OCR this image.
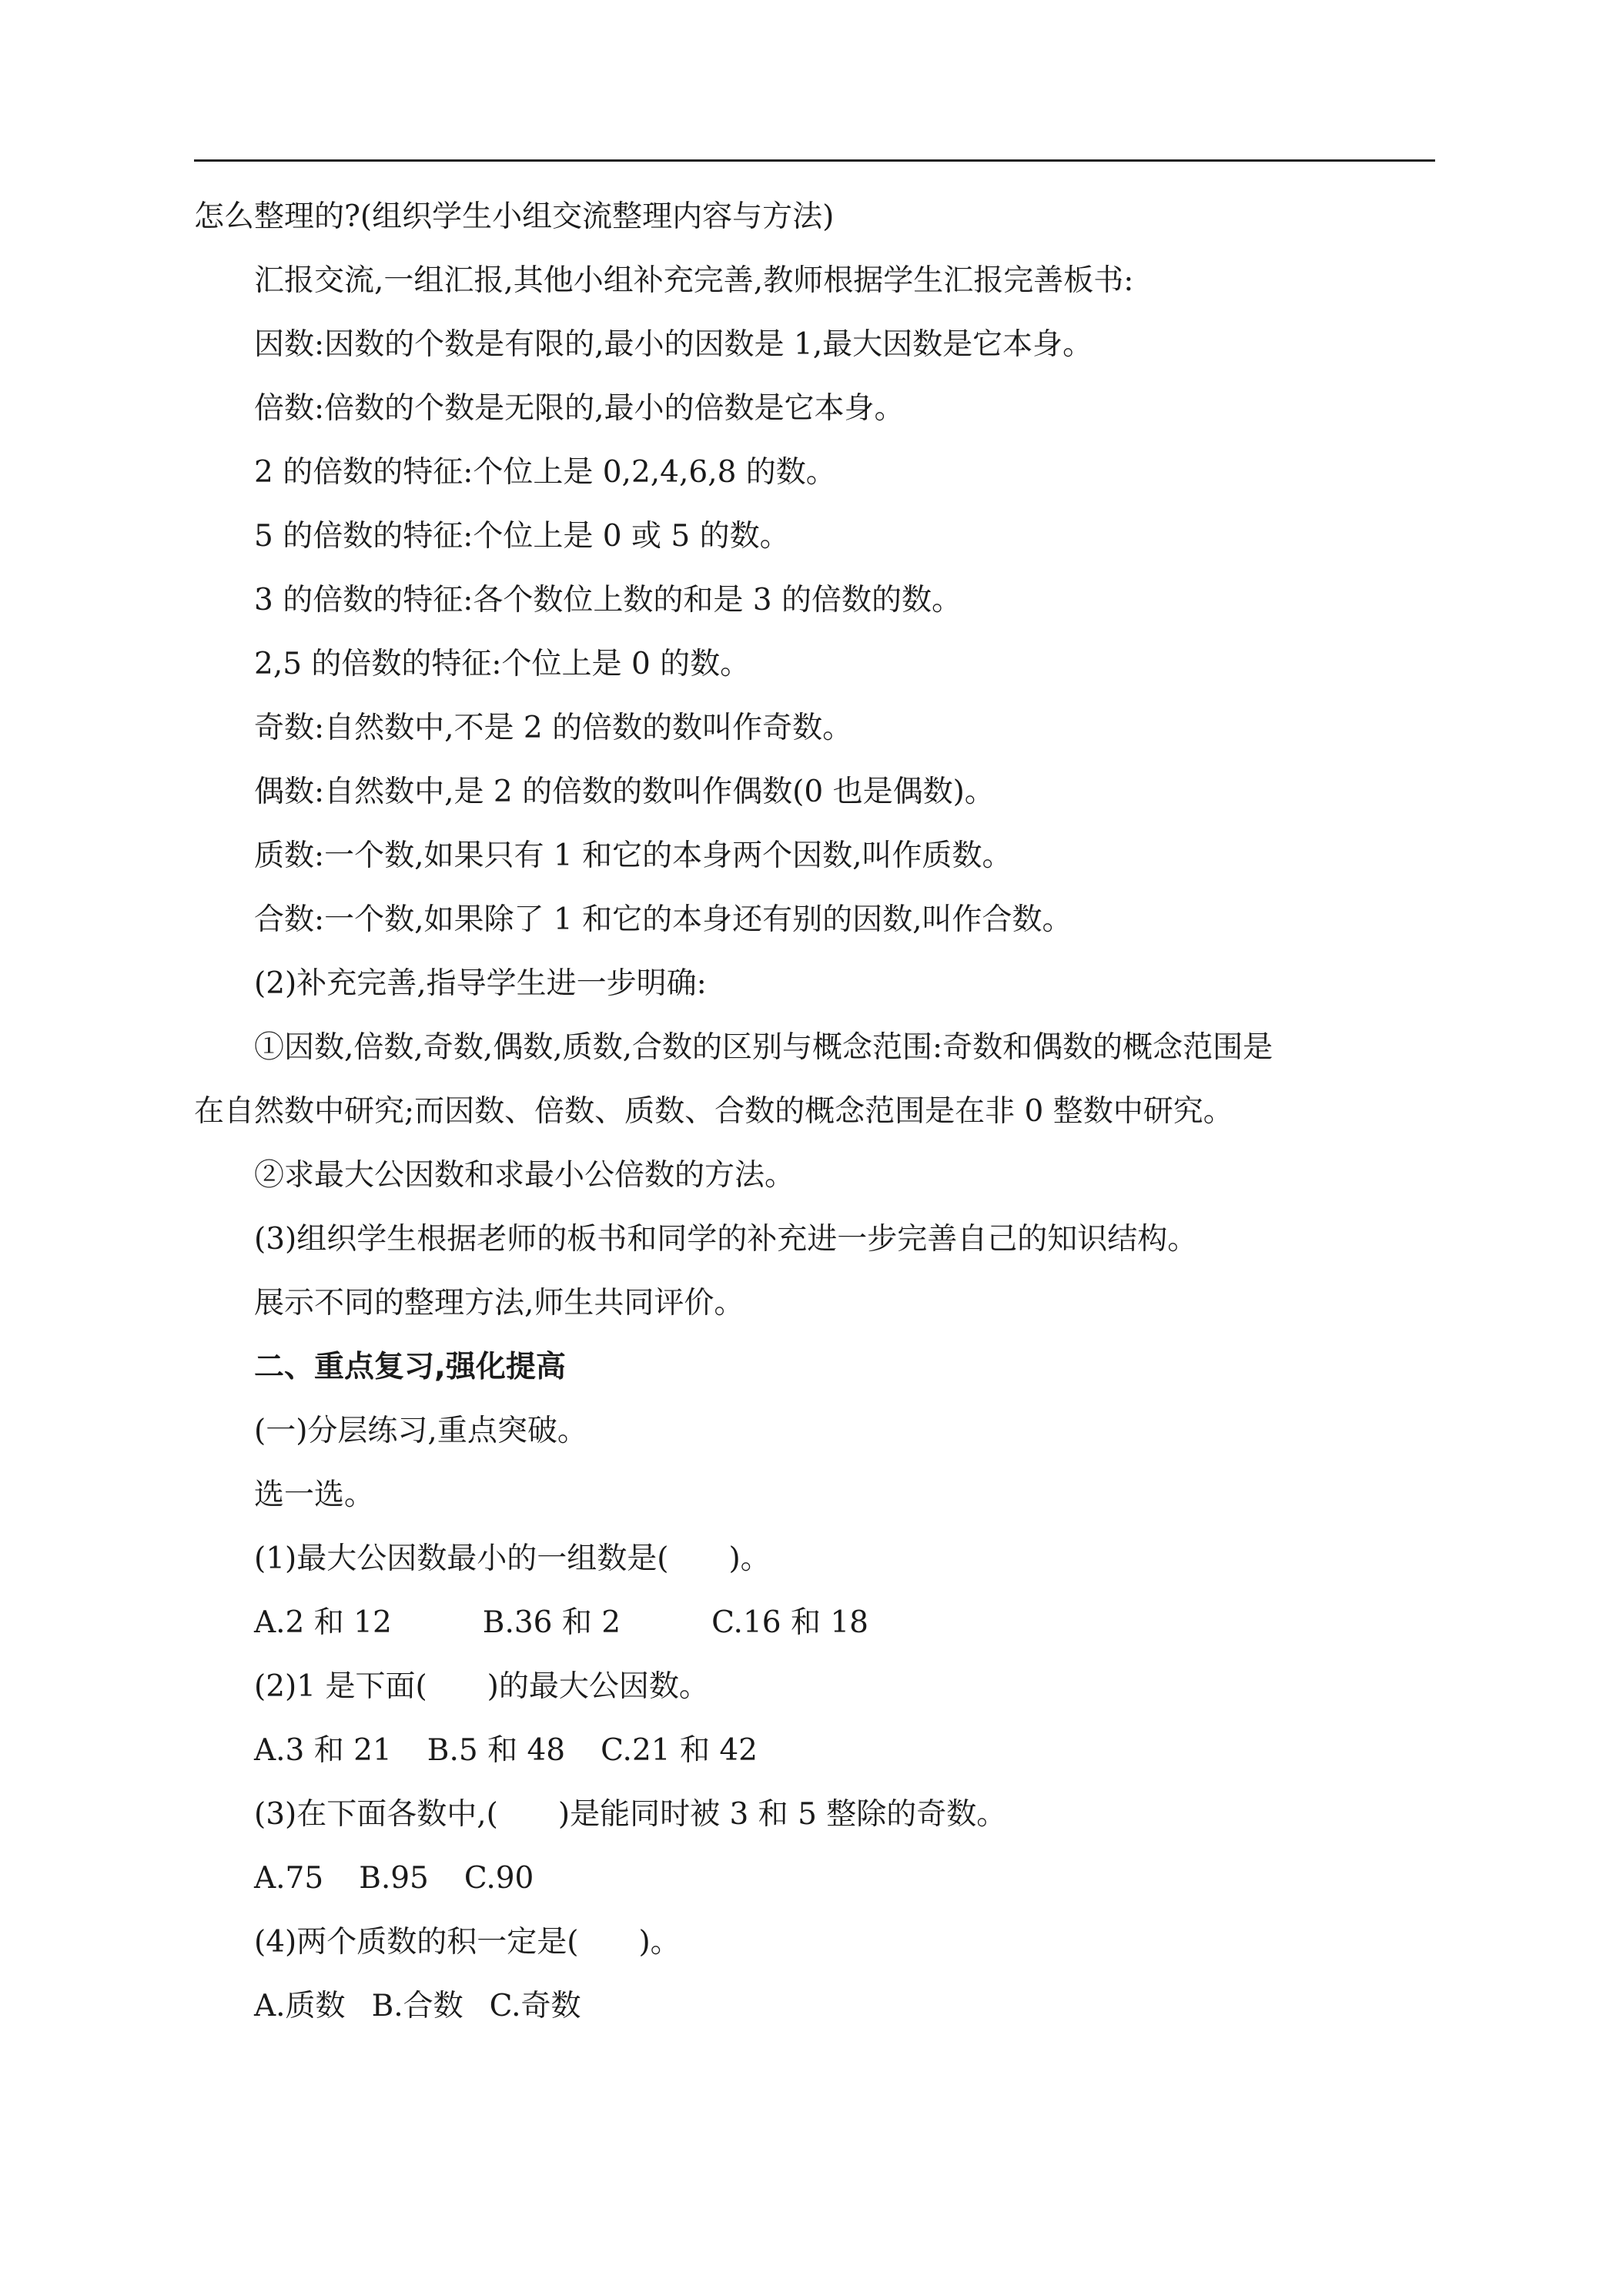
怎么整理的?(组织学生小组交流整理内容与方法)
汇报交流,一组汇报,其他小组补充完善,教师根据学生汇报完善板书:
因数:因数的个数是有限的,最小的因数是 1,最大因数是它本身。
倍数:倍数的个数是无限的,最小的倍数是它本身。
2 的倍数的特征:个位上是 0,2,4,6,8 的数。
5 的倍数的特征:个位上是 0 或 5 的数。
3 的倍数的特征:各个数位上数的和是 3 的倍数的数。
2,5 的倍数的特征:个位上是 0 的数。
奇数:自然数中,不是 2 的倍数的数叫作奇数。
偶数:自然数中,是 2 的倍数的数叫作偶数(0 也是偶数)。
质数:一个数,如果只有 1 和它的本身两个因数,叫作质数。
合数:一个数,如果除了 1 和它的本身还有别的因数,叫作合数。
(2)补充完善,指导学生进一步明确:
①因数,倍数,奇数,偶数,质数,合数的区别与概念范围:奇数和偶数的概念范围是
在自然数中研究;而因数、倍数、质数、合数的概念范围是在非 0 整数中研究。
②求最大公因数和求最小公倍数的方法。
(3)组织学生根据老师的板书和同学的补充进一步完善自己的知识结构。
展示不同的整理方法,师生共同评价。
二、重点复习,强化提高
(一)分层练习,重点突破。
选一选。
(1)最大公因数最小的一组数是(　　)。
A.2 和 12	B.36 和 2	C.16 和 18
(2)1 是下面(　　)的最大公因数。
A.3 和 21 B.5 和 48 C.21 和 42
(3)在下面各数中,(　　)是能同时被 3 和 5 整除的奇数。
A.75 B.95 C.90
(4)两个质数的积一定是(　　)。
A.质数 B.合数 C.奇数
